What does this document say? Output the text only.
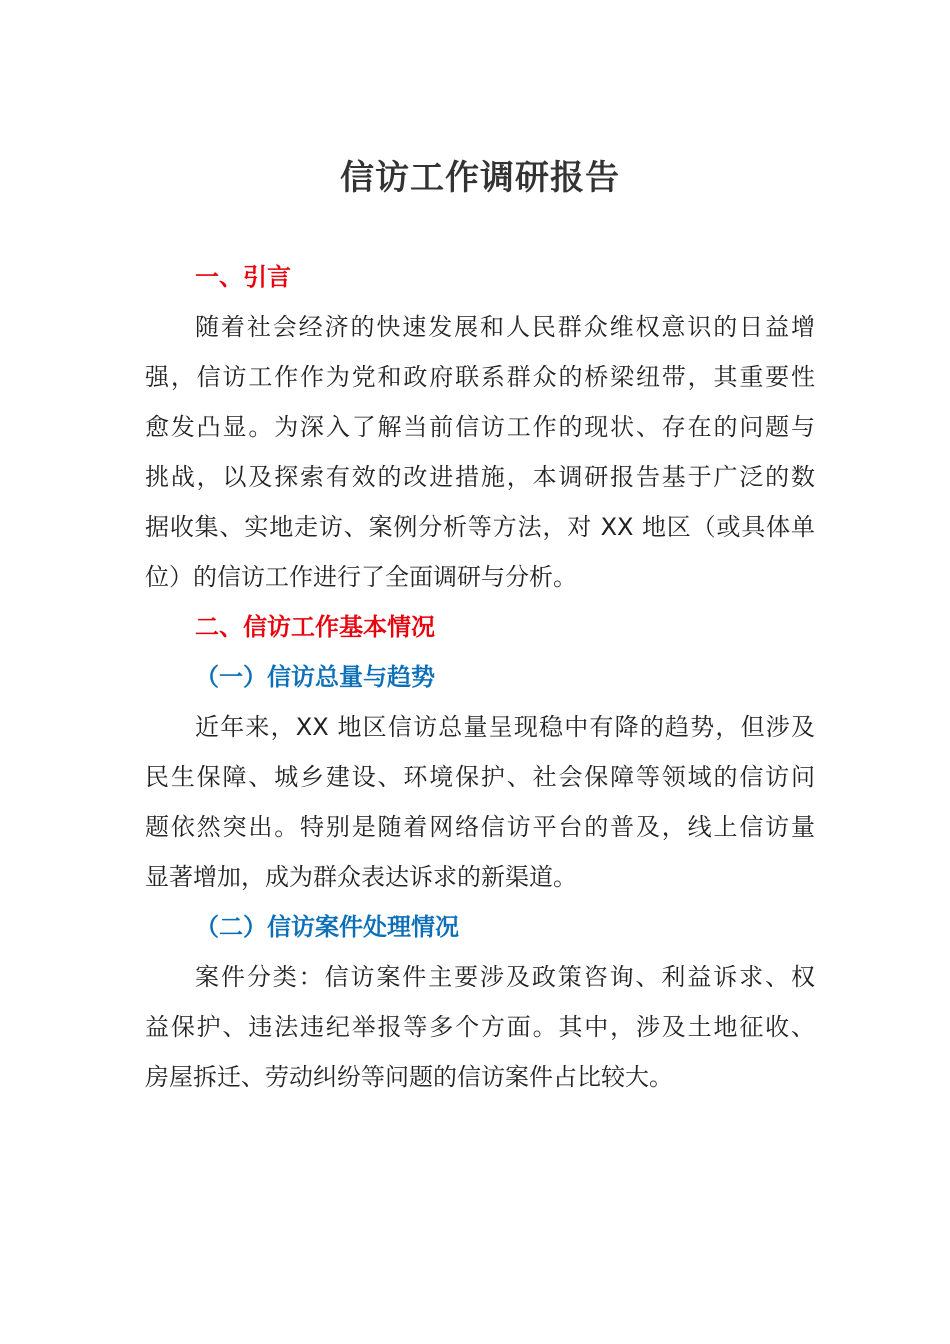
信访工作调研报告
一、引言

随着社会经济的快速发展和人民群众维权意识的日益增
强，信访工作作为党和政府联系群众的桥梁纽带，其重要性
愈发凸显。为深入了解当前信访工作的现状、存在的问题与
挑战，以及探索有效的改进措施，本调研报告基于广泛的数
据收集、实地走访、案例分析等方法，对 XX 地区（或具体单
位）的信访工作进行了全面调研与分析。

二、信访工作基本情况
（一）信访总量与趋势

近年来，XX 地区信访总量呈现稳中有降的趋势，但涉及
民生保障、城乡建设、环境保护、社会保障等领域的信访问
题依然突出。特别是随着网络信访平台的普及，线上信访量
显著增加，成为群众表达诉求的新渠道。

（二）信访案件处理情况

案件分类：信访案件主要涉及政策咨询、利益诉求、权
益保护、违法违纪举报等多个方面。其中，涉及土地征收、
房屋拆迁、劳动纠纷等问题的信访案件占比较大。
